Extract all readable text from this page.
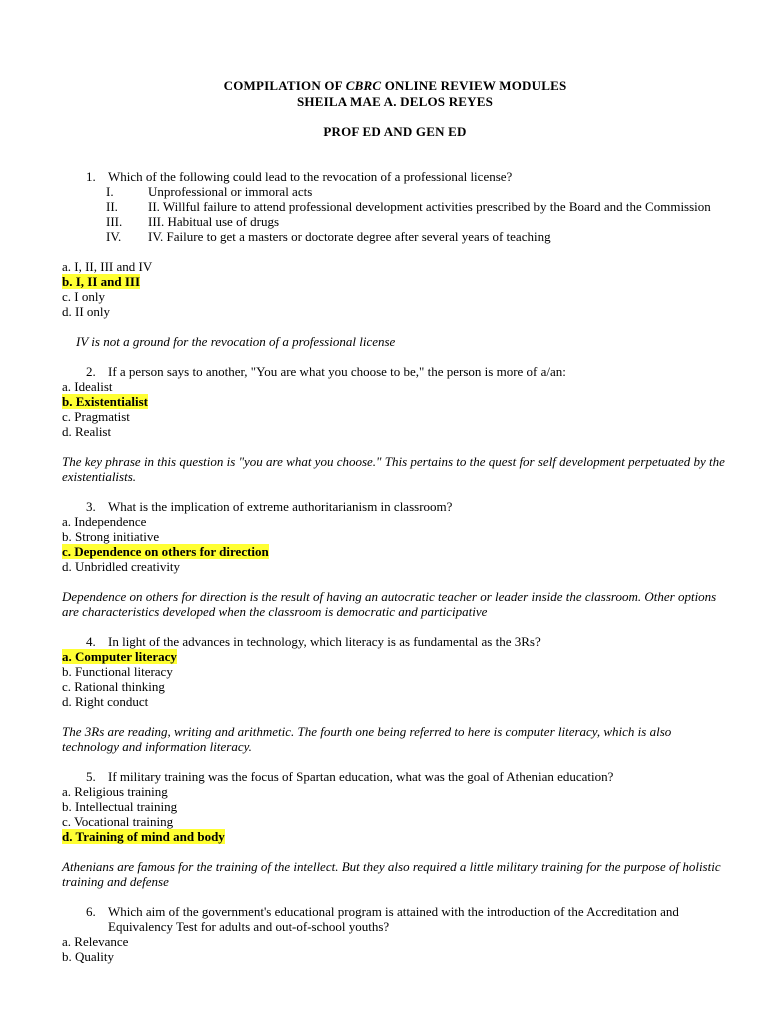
COMPILATION OF CBRC ONLINE REVIEW MODULES
SHEILA MAE A. DELOS REYES
PROF ED AND GEN ED
1. Which of the following could lead to the revocation of a professional license?
I.	Unprofessional or immoral acts
II.	II. Willful failure to attend professional development activities prescribed by the Board and the Commission
III.	III. Habitual use of drugs
IV.	IV. Failure to get a masters or doctorate degree after several years of teaching
a. I, II, III and IV
b. I, II and III
c. I only
d. II only
IV is not a ground for the revocation of a professional license
2. If a person says to another, "You are what you choose to be," the person is more of a/an:
a. Idealist
b. Existentialist
c. Pragmatist
d. Realist
The key phrase in this question is "you are what you choose." This pertains to the quest for self development perpetuated by the existentialists.
3. What is the implication of extreme authoritarianism in classroom?
a. Independence
b. Strong initiative
c. Dependence on others for direction
d. Unbridled creativity
Dependence on others for direction is the result of having an autocratic teacher or leader inside the classroom. Other options are characteristics developed when the classroom is democratic and participative
4. In light of the advances in technology, which literacy is as fundamental as the 3Rs?
a. Computer literacy
b. Functional literacy
c. Rational thinking
d. Right conduct
The 3Rs are reading, writing and arithmetic. The fourth one being referred to here is computer literacy, which is also technology and information literacy.
5. If military training was the focus of Spartan education, what was the goal of Athenian education?
a. Religious training
b. Intellectual training
c. Vocational training
d. Training of mind and body
Athenians are famous for the training of the intellect. But they also required a little military training for the purpose of holistic training and defense
6. Which aim of the government's educational program is attained with the introduction of the Accreditation and Equivalency Test for adults and out-of-school youths?
a. Relevance
b. Quality
